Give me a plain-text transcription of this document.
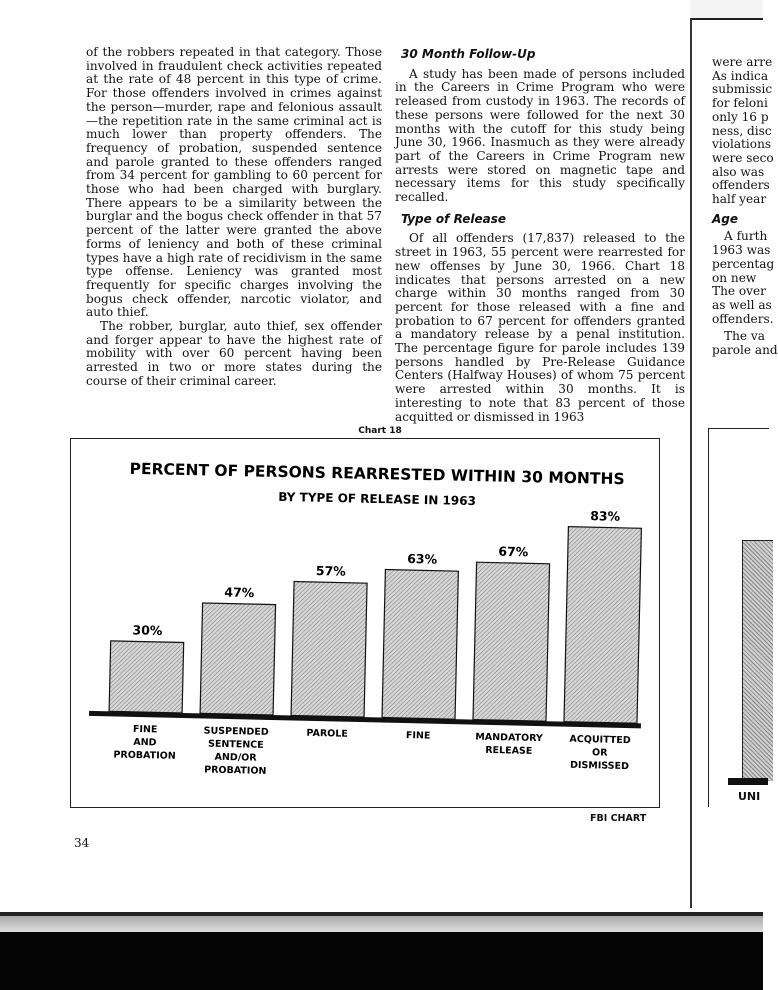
of the robbers repeated in that category. Those involved in fraudulent check activities repeated at the rate of 48 percent in this type of crime. For those offenders involved in crimes against the person—murder, rape and felonious assault—the repetition rate in the same criminal act is much lower than property offenders. The frequency of probation, suspended sentence and parole granted to these offenders ranged from 34 percent for gambling to 60 percent for those who had been charged with burglary. There appears to be a similarity between the burglar and the bogus check offender in that 57 percent of the latter were granted the above forms of leniency and both of these criminal types have a high rate of recidivism in the same type offense. Leniency was granted most frequently for specific charges involving the bogus check offender, narcotic violator, and auto thief.

The robber, burglar, auto thief, sex offender and forger appear to have the highest rate of mobility with over 60 percent having been arrested in two or more states during the course of their criminal career.

30 Month Follow-Up

A study has been made of persons included in the Careers in Crime Program who were released from custody in 1963. The records of these persons were followed for the next 30 months with the cutoff for this study being June 30, 1966. Inasmuch as they were already part of the Careers in Crime Program new arrests were stored on magnetic tape and necessary items for this study specifically recalled.

Type of Release

Of all offenders (17,837) released to the street in 1963, 55 percent were rearrested for new offenses by June 30, 1966. Chart 18 indicates that persons arrested on a new charge within 30 months ranged from 30 percent for those released with a fine and probation to 67 percent for offenders granted a mandatory release by a penal institution. The percentage figure for parole includes 139 persons handled by Pre-Release Guidance Centers (Halfway Houses) of whom 75 percent were arrested within 30 months. It is interesting to note that 83 percent of those acquitted or dismissed in 1963

were arre
As indica
submissic
for feloni
only 16 p
ness, disc
violations
were seco
also was
offenders
half year
Age
A furth
1963 was
percentag
on new
The over
as well as
offenders.
The va
parole and
Chart 18
PERCENT OF PERSONS REARRESTED WITHIN 30 MONTHS
BY TYPE OF RELEASE IN 1963
30%
FINE
AND
PROBATION
47%
SUSPENDED
SENTENCE
AND/OR
PROBATION
57%
PAROLE
63%
FINE
67%
MANDATORY
RELEASE
83%
ACQUITTED
OR
DISMISSED
FBI CHART
34
UNI
